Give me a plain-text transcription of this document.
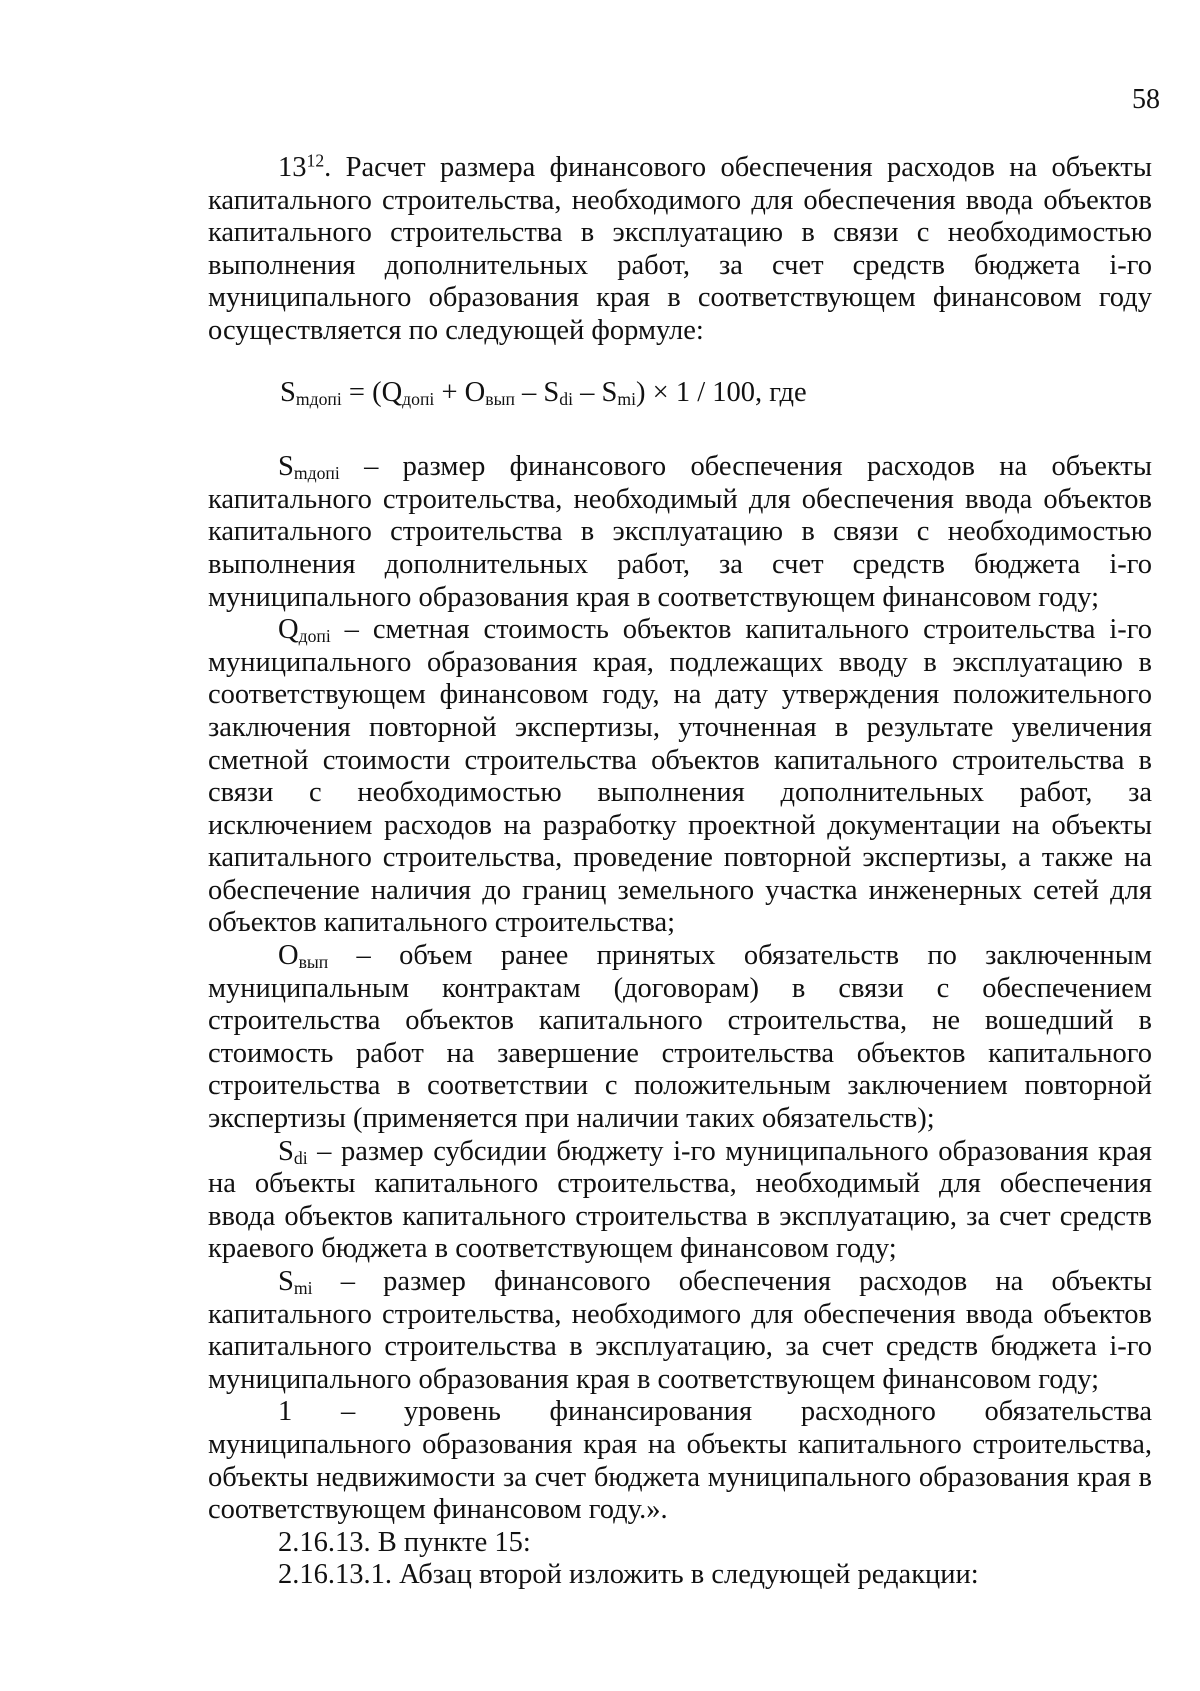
58

$13^{12}$. Расчет размера финансового обеспечения расходов на объекты капитального строительства, необходимого для обеспечения ввода объектов капитального строительства в эксплуатацию в связи с необходимостью выполнения дополнительных работ, за счет средств бюджета i-го муниципального образования края в соответствующем финансовом году осуществляется по следующей формуле:

$S_{mдопi} = (Q_{допi} + O_{вып} - S_{di} - S_{mi}) \times 1 / 100$, где

$S_{mдопi}$ – размер финансового обеспечения расходов на объекты капитального строительства, необходимый для обеспечения ввода объектов капитального строительства в эксплуатацию в связи с необходимостью выполнения дополнительных работ, за счет средств бюджета i-го муниципального образования края в соответствующем финансовом году;

$Q_{допi}$ – сметная стоимость объектов капитального строительства i-го муниципального образования края, подлежащих вводу в эксплуатацию в соответствующем финансовом году, на дату утверждения положительного заключения повторной экспертизы, уточненная в результате увеличения сметной стоимости строительства объектов капитального строительства в связи с необходимостью выполнения дополнительных работ, за исключением расходов на разработку проектной документации на объекты капитального строительства, проведение повторной экспертизы, а также на обеспечение наличия до границ земельного участка инженерных сетей для объектов капитального строительства;

$O_{вып}$ – объем ранее принятых обязательств по заключенным муниципальным контрактам (договорам) в связи с обеспечением строительства объектов капитального строительства, не вошедший в стоимость работ на завершение строительства объектов капитального строительства в соответствии с положительным заключением повторной экспертизы (применяется при наличии таких обязательств);

$S_{di}$ – размер субсидии бюджету i-го муниципального образования края на объекты капитального строительства, необходимый для обеспечения ввода объектов капитального строительства в эксплуатацию, за счет средств краевого бюджета в соответствующем финансовом году;

$S_{mi}$ – размер финансового обеспечения расходов на объекты капитального строительства, необходимого для обеспечения ввода объектов капитального строительства в эксплуатацию, за счет средств бюджета i-го муниципального образования края в соответствующем финансовом году;

1 – уровень финансирования расходного обязательства муниципального образования края на объекты капитального строительства, объекты недвижимости за счет бюджета муниципального образования края в соответствующем финансовом году.».

2.16.13. В пункте 15:

2.16.13.1. Абзац второй изложить в следующей редакции:
